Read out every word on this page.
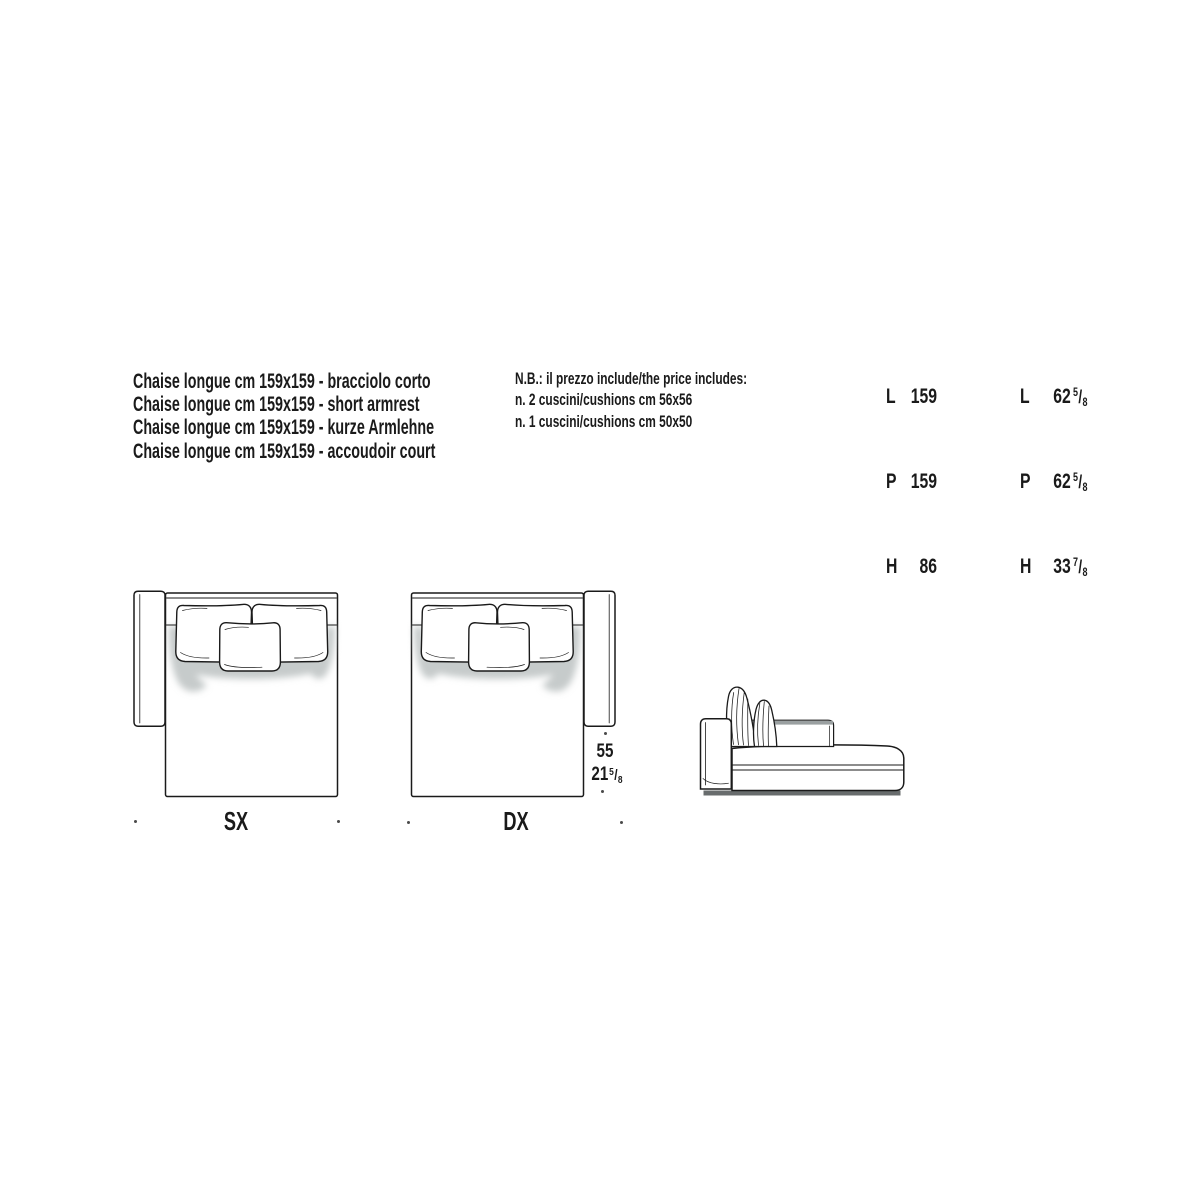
Chaise longue cm 159x159 - bracciolo corto
Chaise longue cm 159x159 - short armrest
Chaise longue cm 159x159 - kurze Armlehne
Chaise longue cm 159x159 - accoudoir court
N.B.: il prezzo include/the price includes:
n. 2 cuscini/cushions cm 56x56
n. 1 cuscini/cushions cm 50x50
L 159
P 159
H 86
L 62 5 / 8
P 62 5 / 8
H 33 7 / 8
SX	DX
55
21 5 / 8
